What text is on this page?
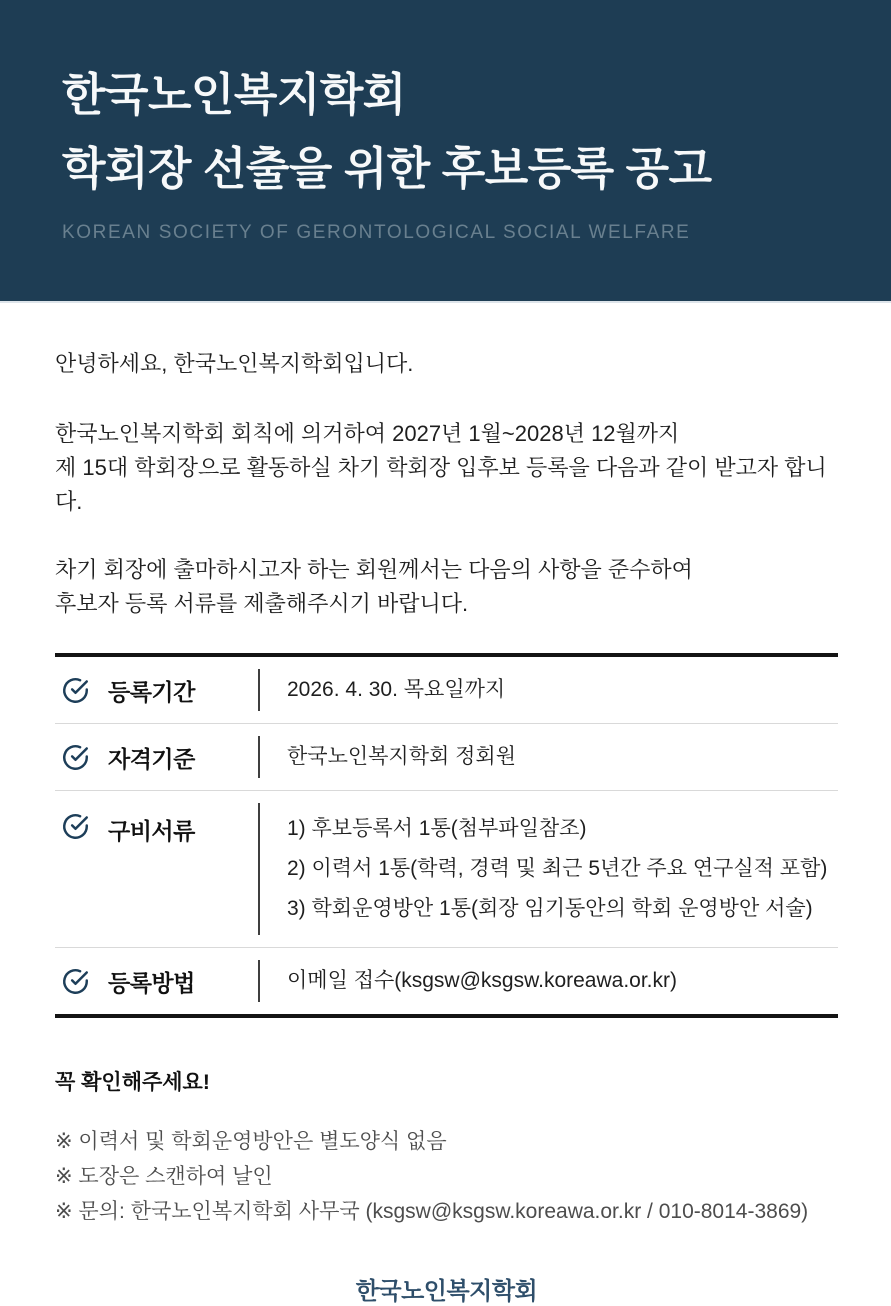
한국노인복지학회
학회장 선출을 위한 후보등록 공고

KOREAN SOCIETY OF GERONTOLOGICAL SOCIAL WELFARE

안녕하세요, 한국노인복지학회입니다.

한국노인복지학회 회칙에 의거하여 2027년 1월~2028년 12월까지
제 15대 학회장으로 활동하실 차기 학회장 입후보 등록을 다음과 같이 받고자 합니다.

차기 회장에 출마하시고자 하는 회원께서는 다음의 사항을 준수하여
후보자 등록 서류를 제출해주시기 바랍니다.

등록기간	2026. 4. 30. 목요일까지
자격기준	한국노인복지학회 정회원
구비서류	1) 후보등록서 1통(첨부파일참조)
2) 이력서 1통(학력, 경력 및 최근 5년간 주요 연구실적 포함)
3) 학회운영방안 1통(회장 임기동안의 학회 운영방안 서술)
등록방법	이메일 접수(ksgsw@ksgsw.koreawa.or.kr)

꼭 확인해주세요!

※ 이력서 및 학회운영방안은 별도양식 없음
※ 도장은 스캔하여 날인
※ 문의: 한국노인복지학회 사무국 (ksgsw@ksgsw.koreawa.or.kr / 010-8014-3869)
한국노인복지학회
